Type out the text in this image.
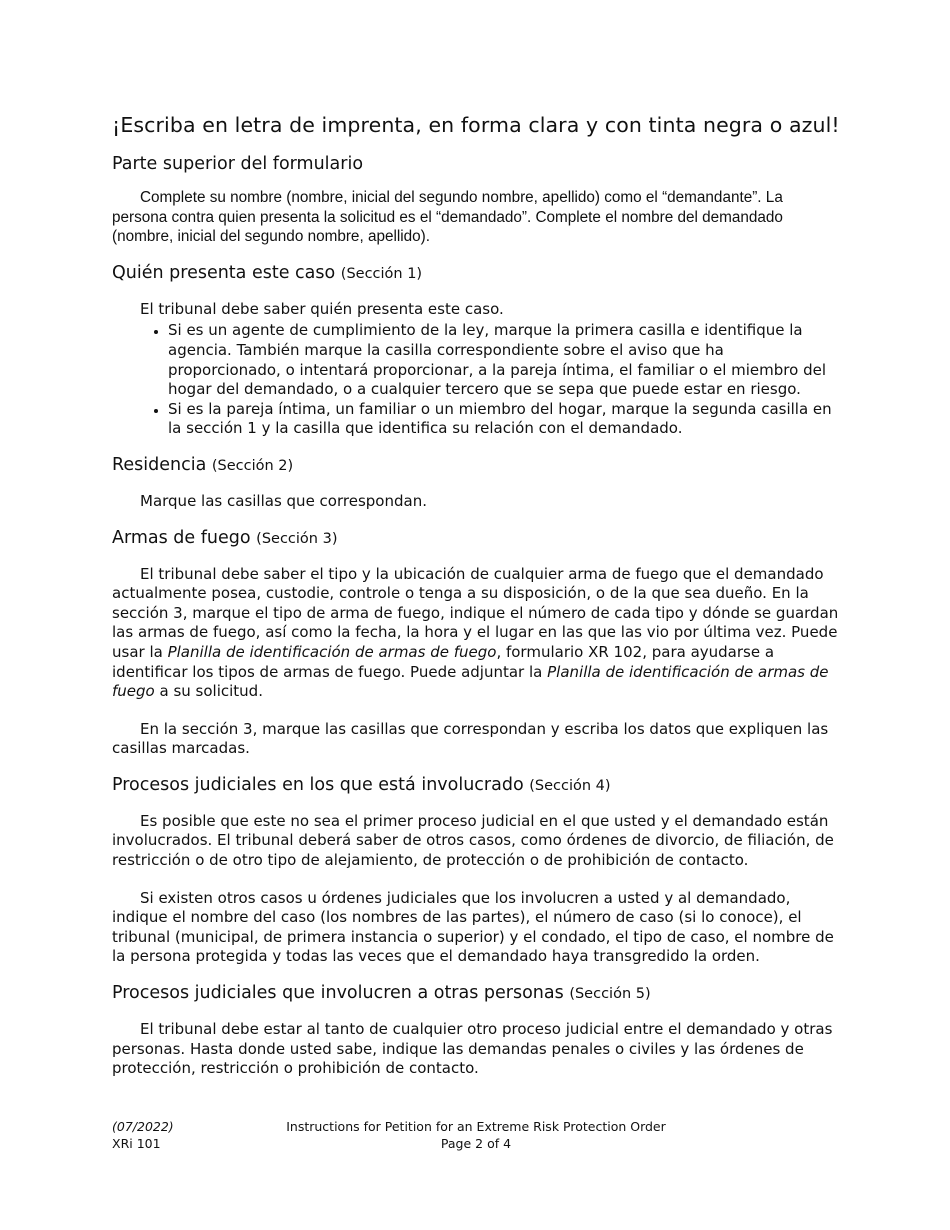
¡Escriba en letra de imprenta, en forma clara y con tinta negra o azul!
Parte superior del formulario

Complete su nombre (nombre, inicial del segundo nombre, apellido) como el “demandante”. La persona contra quien presenta la solicitud es el “demandado”. Complete el nombre del demandado (nombre, inicial del segundo nombre, apellido).

Quién presenta este caso (Sección 1)

El tribunal debe saber quién presenta este caso.

• Si es un agente de cumplimiento de la ley, marque la primera casilla e identifique la agencia. También marque la casilla correspondiente sobre el aviso que ha proporcionado, o intentará proporcionar, a la pareja íntima, el familiar o el miembro del hogar del demandado, o a cualquier tercero que se sepa que puede estar en riesgo.
• Si es la pareja íntima, un familiar o un miembro del hogar, marque la segunda casilla en la sección 1 y la casilla que identifica su relación con el demandado.
Residencia (Sección 2)

Marque las casillas que correspondan.

Armas de fuego (Sección 3)

El tribunal debe saber el tipo y la ubicación de cualquier arma de fuego que el demandado actualmente posea, custodie, controle o tenga a su disposición, o de la que sea dueño. En la sección 3, marque el tipo de arma de fuego, indique el número de cada tipo y dónde se guardan las armas de fuego, así como la fecha, la hora y el lugar en las que las vio por última vez. Puede usar la Planilla de identificación de armas de fuego, formulario XR 102, para ayudarse a identificar los tipos de armas de fuego. Puede adjuntar la Planilla de identificación de armas de fuego a su solicitud.

En la sección 3, marque las casillas que correspondan y escriba los datos que expliquen las casillas marcadas.

Procesos judiciales en los que está involucrado (Sección 4)

Es posible que este no sea el primer proceso judicial en el que usted y el demandado están involucrados. El tribunal deberá saber de otros casos, como órdenes de divorcio, de filiación, de restricción o de otro tipo de alejamiento, de protección o de prohibición de contacto.

Si existen otros casos u órdenes judiciales que los involucren a usted y al demandado, indique el nombre del caso (los nombres de las partes), el número de caso (si lo conoce), el tribunal (municipal, de primera instancia o superior) y el condado, el tipo de caso, el nombre de la persona protegida y todas las veces que el demandado haya transgredido la orden.

Procesos judiciales que involucren a otras personas (Sección 5)

El tribunal debe estar al tanto de cualquier otro proceso judicial entre el demandado y otras personas. Hasta donde usted sabe, indique las demandas penales o civiles y las órdenes de protección, restricción o prohibición de contacto.

(07/2022)
XRi 101
Instructions for Petition for an Extreme Risk Protection Order
Page 2 of 4
